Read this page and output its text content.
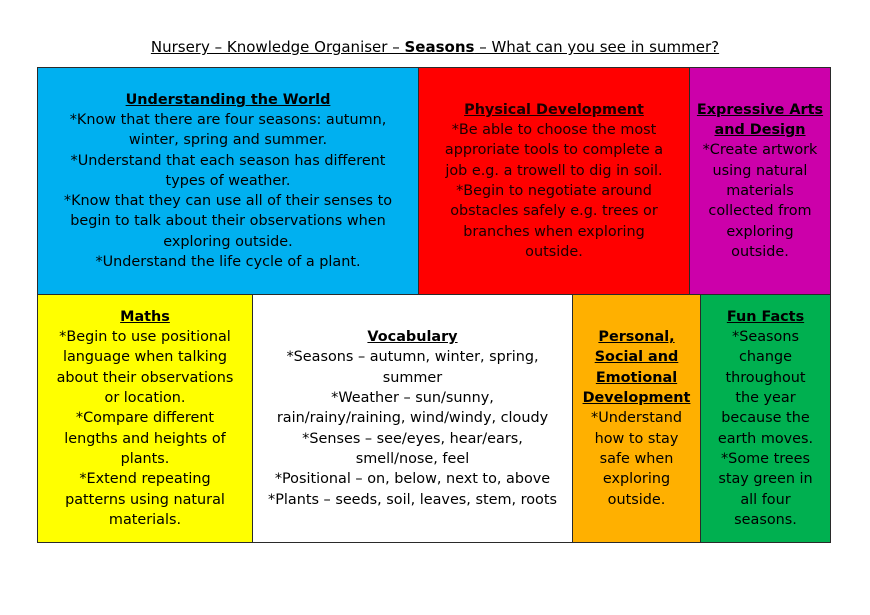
Nursery – Knowledge Organiser – Seasons – What can you see in summer?
Understanding the World
*Know that there are four seasons: autumn,
winter, spring and summer.
*Understand that each season has different
types of weather.
*Know that they can use all of their senses to
begin to talk about their observations when
exploring outside.
*Understand the life cycle of a plant.
Physical Development
*Be able to choose the most
approriate tools to complete a
job e.g. a trowell to dig in soil.
*Begin to negotiate around
obstacles safely e.g. trees or
branches when exploring
outside.
Expressive Arts
and Design
*Create artwork
using natural
materials
collected from
exploring
outside.
Maths
*Begin to use positional
language when talking
about their observations
or location.
*Compare different
lengths and heights of
plants.
*Extend repeating
patterns using natural
materials.
Vocabulary
*Seasons – autumn, winter, spring,
summer
*Weather – sun/sunny,
rain/rainy/raining, wind/windy, cloudy
*Senses – see/eyes, hear/ears,
smell/nose, feel
*Positional – on, below, next to, above
*Plants – seeds, soil, leaves, stem, roots
Personal,
Social and
Emotional
Development
*Understand
how to stay
safe when
exploring
outside.
Fun Facts
*Seasons
change
throughout
the year
because the
earth moves.
*Some trees
stay green in
all four
seasons.
